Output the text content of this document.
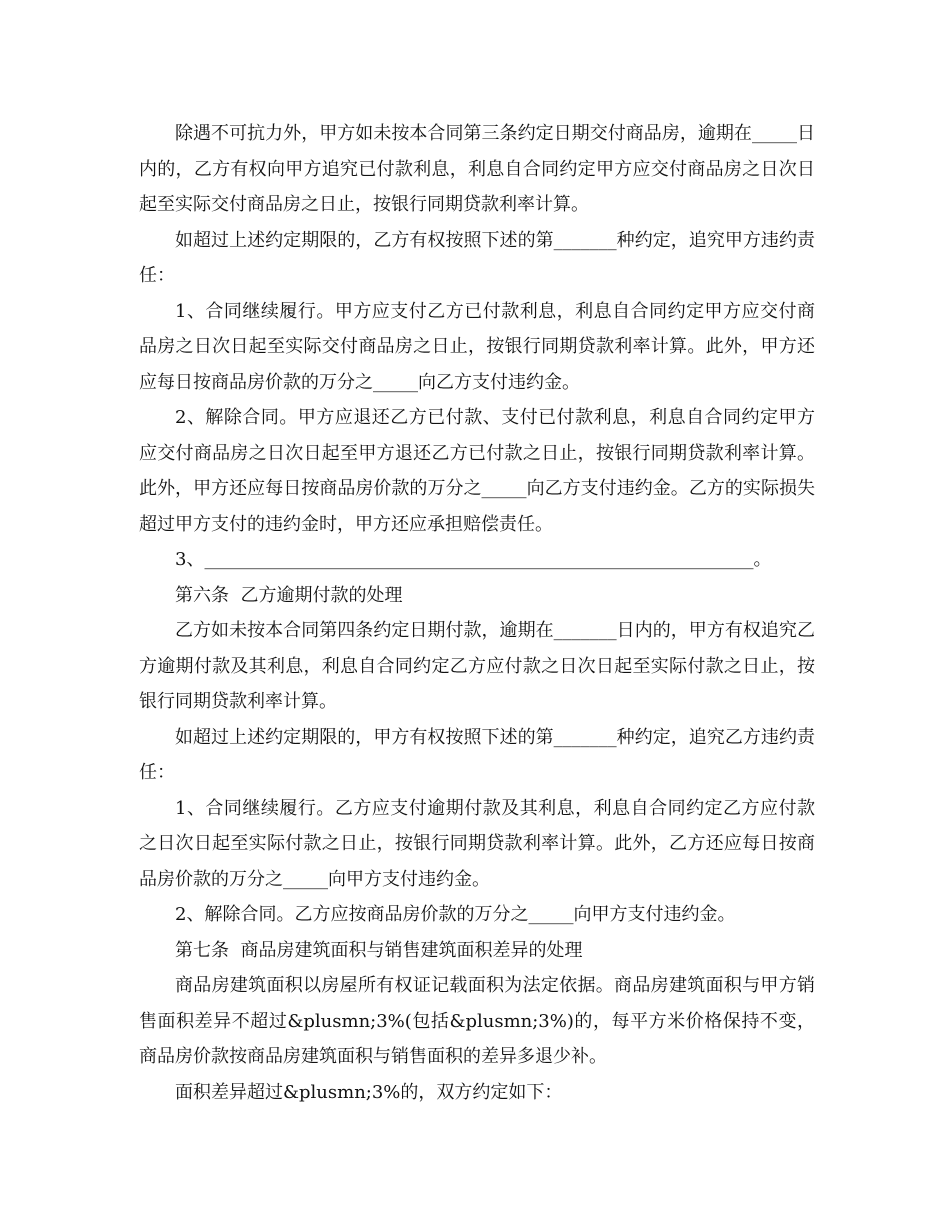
除遇不可抗力外，甲方如未按本合同第三条约定日期交付商品房，逾期在_____日内的，乙方有权向甲方追究已付款利息，利息自合同约定甲方应交付商品房之日次日起至实际交付商品房之日止，按银行同期贷款利率计算。

如超过上述约定期限的，乙方有权按照下述的第_______种约定，追究甲方违约责任：

1、合同继续履行。甲方应支付乙方已付款利息，利息自合同约定甲方应交付商品房之日次日起至实际交付商品房之日止，按银行同期贷款利率计算。此外，甲方还应每日按商品房价款的万分之_____向乙方支付违约金。

2、解除合同。甲方应退还乙方已付款、支付已付款利息，利息自合同约定甲方应交付商品房之日次日起至甲方退还乙方已付款之日止，按银行同期贷款利率计算。此外，甲方还应每日按商品房价款的万分之_____向乙方支付违约金。乙方的实际损失超过甲方支付的违约金时，甲方还应承担赔偿责任。

3、_____________________________________________________________。

第六条  乙方逾期付款的处理

乙方如未按本合同第四条约定日期付款，逾期在_______日内的，甲方有权追究乙方逾期付款及其利息，利息自合同约定乙方应付款之日次日起至实际付款之日止，按银行同期贷款利率计算。

如超过上述约定期限的，甲方有权按照下述的第_______种约定，追究乙方违约责任：

1、合同继续履行。乙方应支付逾期付款及其利息，利息自合同约定乙方应付款之日次日起至实际付款之日止，按银行同期贷款利率计算。此外，乙方还应每日按商品房价款的万分之_____向甲方支付违约金。

2、解除合同。乙方应按商品房价款的万分之_____向甲方支付违约金。

第七条  商品房建筑面积与销售建筑面积差异的处理

商品房建筑面积以房屋所有权证记载面积为法定依据。商品房建筑面积与甲方销售面积差异不超过&plusmn;3%(包括&plusmn;3%)的，每平方米价格保持不变，商品房价款按商品房建筑面积与销售面积的差异多退少补。

面积差异超过&plusmn;3%的，双方约定如下：
